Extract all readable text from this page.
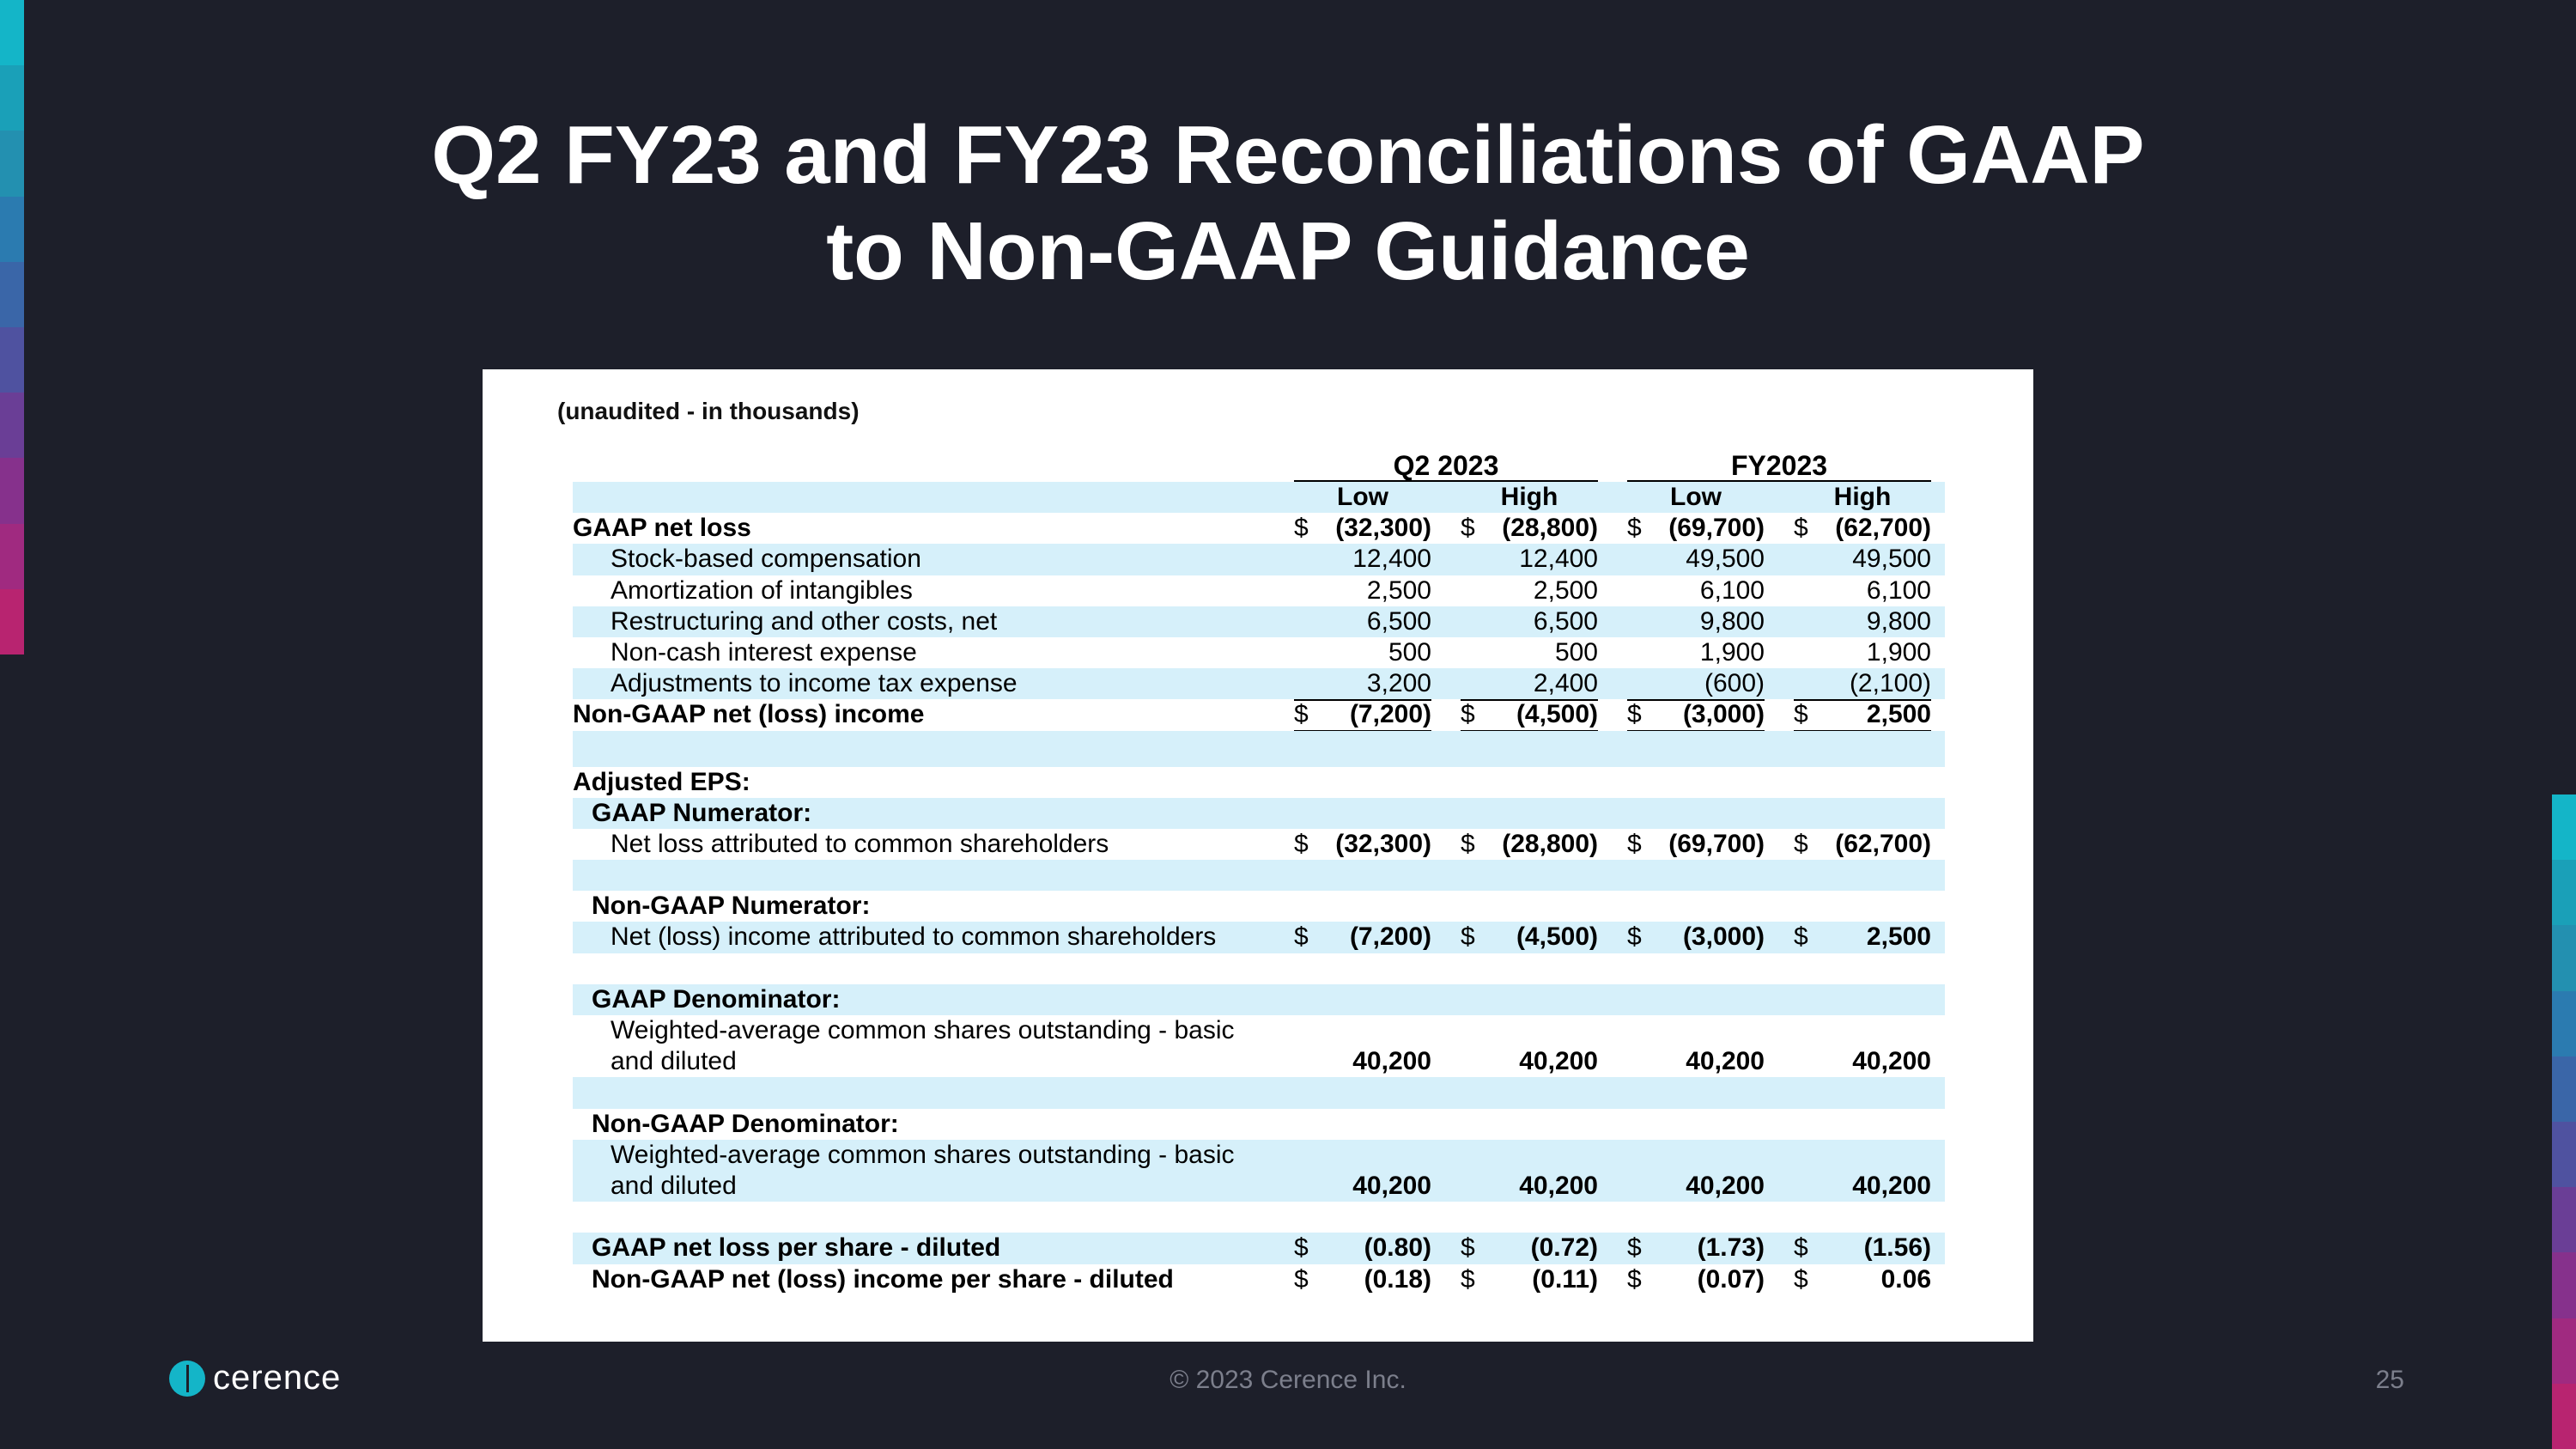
Q2 FY23 and FY23 Reconciliations of GAAP
to Non-GAAP Guidance
(unaudited - in thousands)
Q2 2023	FY2023
Low	High	Low	High
GAAP net loss	$	(32,300) $	(28,800) $	(69,700) $	(62,700)
Stock-based compensation	12,400	12,400	49,500	49,500
Amortization of intangibles	2,500	2,500	6,100	6,100
Restructuring and other costs, net	6,500	6,500	9,800	9,800
Non-cash interest expense	500	500	1,900	1,900
Adjustments to income tax expense	3,200	2,400	(600)	(2,100)
Non-GAAP net (loss) income	$	(7,200) $	(4,500) $	(3,000) $	2,500
Adjusted EPS:
GAAP Numerator:
Net loss attributed to common shareholders	$	(32,300) $	(28,800) $	(69,700) $	(62,700)
Non-GAAP Numerator:
Net (loss) income attributed to common shareholders	$	(7,200) $	(4,500) $	(3,000) $	2,500
GAAP Denominator:
Weighted-average common shares outstanding - basic and diluted	40,200	40,200	40,200	40,200
Non-GAAP Denominator:
Weighted-average common shares outstanding - basic and diluted	40,200	40,200	40,200	40,200
GAAP net loss per share - diluted	$	(0.80) $	(0.72) $	(1.73) $	(1.56)
Non-GAAP net (loss) income per share - diluted	$	(0.18) $	(0.11) $	(0.07) $	0.06
cerence	© 2023 Cerence Inc.	25
